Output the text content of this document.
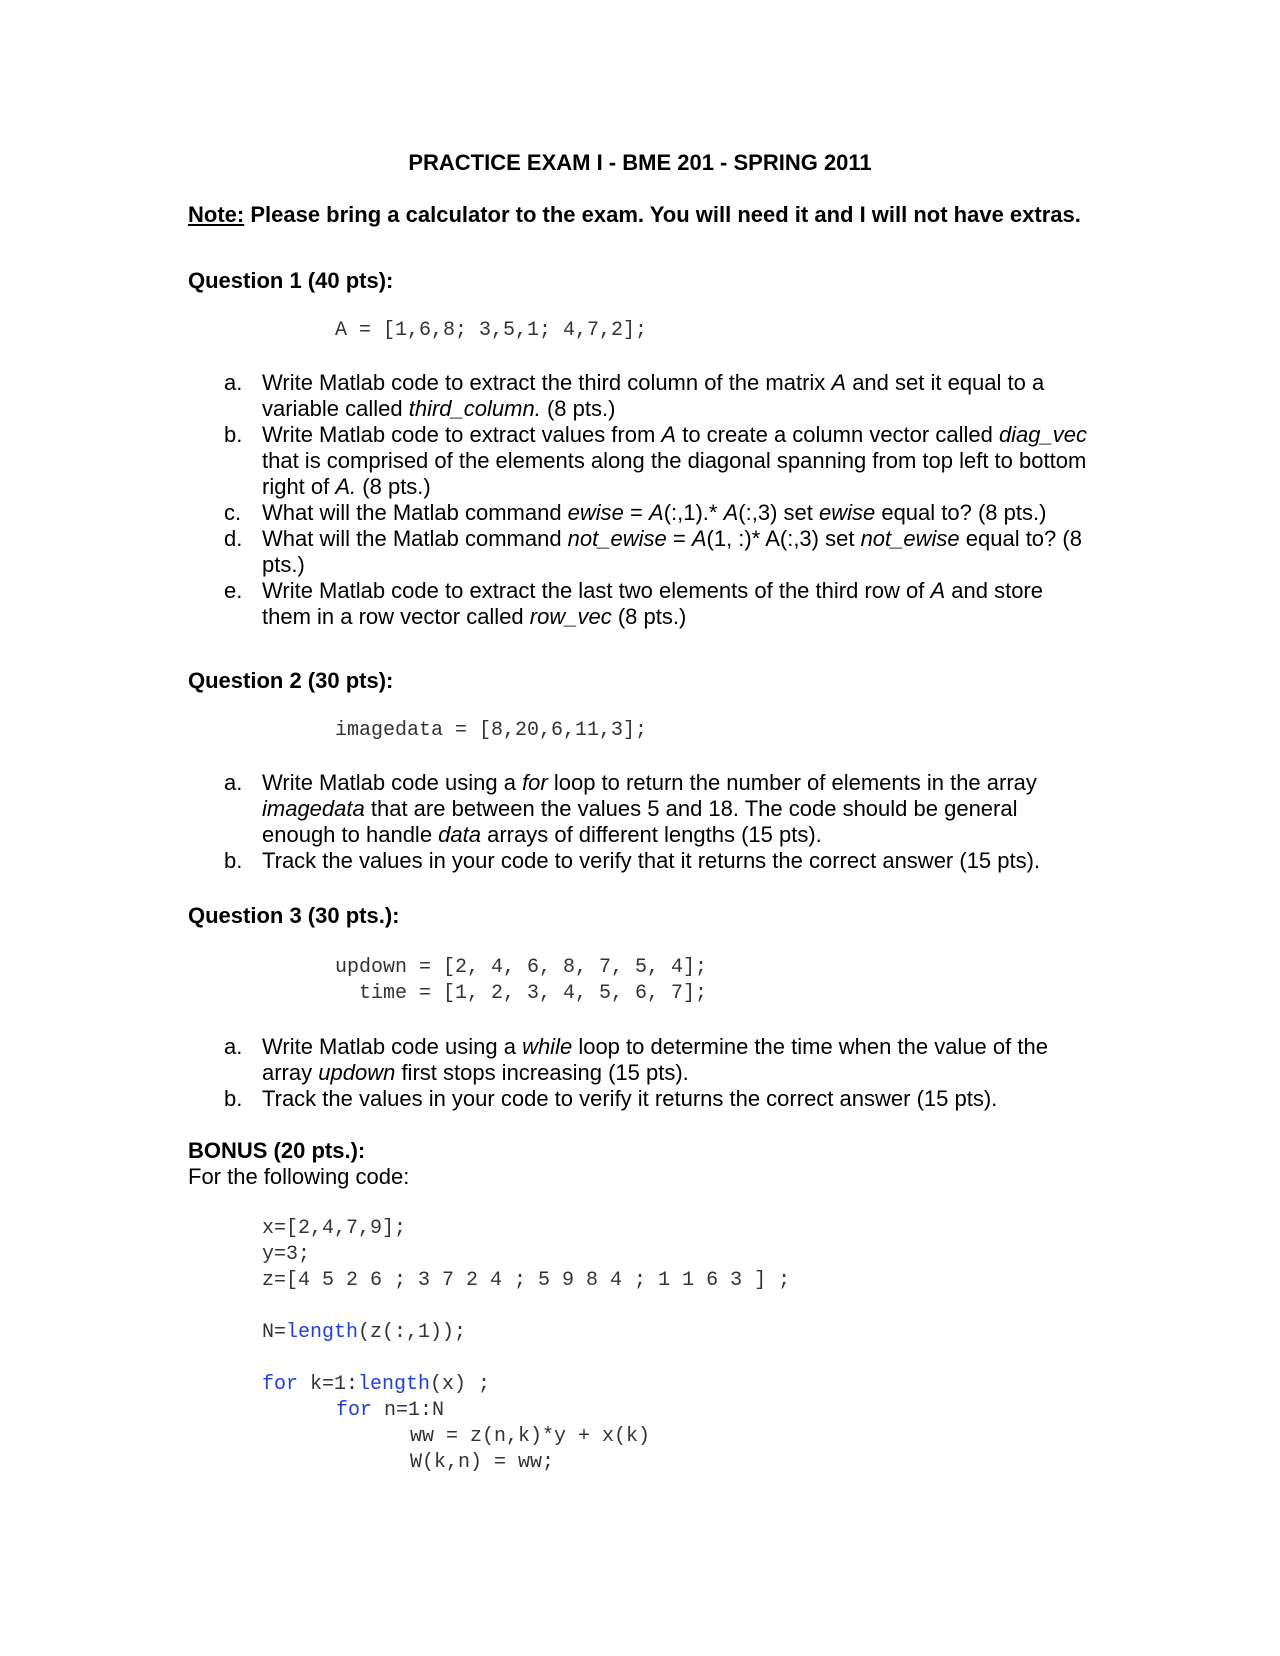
PRACTICE EXAM I - BME 201 - SPRING 2011
Note: Please bring a calculator to the exam. You will need it and I will not have extras.
Question 1 (40 pts):
A = [1,6,8; 3,5,1; 4,7,2];
a. Write Matlab code to extract the third column of the matrix A and set it equal to a variable called third_column. (8 pts.)
b. Write Matlab code to extract values from A to create a column vector called diag_vec that is comprised of the elements along the diagonal spanning from top left to bottom right of A. (8 pts.)
c. What will the Matlab command ewise = A(:,1).* A(:,3) set ewise equal to? (8 pts.)
d. What will the Matlab command not_ewise = A(1, :)* A(:,3) set not_ewise equal to? (8 pts.)
e. Write Matlab code to extract the last two elements of the third row of A and store them in a row vector called row_vec (8 pts.)
Question 2 (30 pts):
imagedata = [8,20,6,11,3];
a. Write Matlab code using a for loop to return the number of elements in the array imagedata that are between the values 5 and 18. The code should be general enough to handle data arrays of different lengths (15 pts).
b. Track the values in your code to verify that it returns the correct answer (15 pts).
Question 3 (30 pts.):
updown = [2, 4, 6, 8, 7, 5, 4];
time = [1, 2, 3, 4, 5, 6, 7];
a. Write Matlab code using a while loop to determine the time when the value of the array updown first stops increasing (15 pts).
b. Track the values in your code to verify it returns the correct answer (15 pts).
BONUS (20 pts.):
For the following code:
x=[2,4,7,9];
y=3;
z=[4 5 2 6 ; 3 7 2 4 ; 5 9 8 4 ; 1 1 6 3 ] ;
N=length(z(:,1));
for k=1:length(x) ;
for n=1:N
ww = z(n,k)*y + x(k)
W(k,n) = ww;
